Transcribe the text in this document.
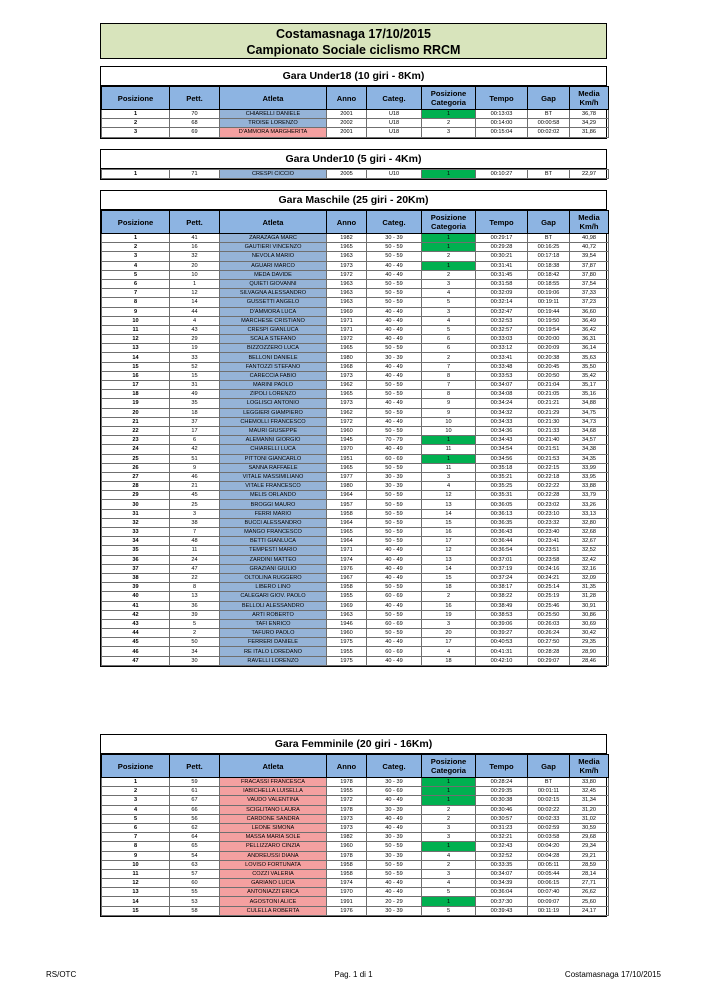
Costamasnaga 17/10/2015
Campionato Sociale ciclismo RRCM
Gara Under18 (10 giri - 8Km)
Posizione	Pett.	Atleta	Anno	Categ.	Posizione Categoria	Tempo	Gap	Media Km/h
1	70	CHIARELLI DANIELE	2001	U18	1	00:13:03	BT	36,78
2	68	TROISE LORENZO	2002	U18	2	00:14:00	00:00:58	34,29
3	69	D'AMMORA MARGHERITA	2001	U18	3	00:15:04	00:02:02	31,86
Gara Under10 (5 giri - 4Km)
1	71	CRESPI CICCIO	2005	U10	1	00:10:27	BT	22,97
Gara Maschile (25 giri - 20Km)
Posizione	Pett.	Atleta	Anno	Categ.	Posizione Categoria	Tempo	Gap	Media Km/h
1	41	ZARAZAGA MARC	1982	30 - 39	1	00:29:17	BT	40,98
2	16	GAUTIERI VINCENZO	1965	50 - 59	1	00:29:28	00:16:25	40,72
3	32	NEVOLA MARIO	1963	50 - 59	2	00:30:21	00:17:18	39,54
4	20	AGUARI MARCO	1973	40 - 49	1	00:31:41	00:18:38	37,87
5	10	MEDA DAVIDE	1972	40 - 49	2	00:31:45	00:18:42	37,80
6	1	QUIETI GIOVANNI	1963	50 - 59	3	00:31:58	00:18:55	37,54
7	12	SILVAGNA ALESSANDRO	1963	50 - 59	4	00:32:09	00:19:06	37,33
8	14	GUSSETTI ANGELO	1963	50 - 59	5	00:32:14	00:19:11	37,23
9	44	D'AMMORA LUCA	1969	40 - 49	3	00:32:47	00:19:44	36,60
10	4	MARCHESE CRISTIANO	1971	40 - 49	4	00:32:53	00:19:50	36,49
11	43	CRESPI GIANLUCA	1971	40 - 49	5	00:32:57	00:19:54	36,42
12	29	SCALA STEFANO	1972	40 - 49	6	00:33:03	00:20:00	36,31
13	19	BIZZOZZERO LUCA	1965	50 - 59	6	00:33:12	00:20:09	36,14
14	33	BELLONI DANIELE	1980	30 - 39	2	00:33:41	00:20:38	35,63
15	52	FANTOZZI STEFANO	1968	40 - 49	7	00:33:48	00:20:45	35,50
16	15	CARECCIA FABIO	1973	40 - 49	8	00:33:53	00:20:50	35,42
17	31	MARINI PAOLO	1962	50 - 59	7	00:34:07	00:21:04	35,17
18	49	ZIPOLI LORENZO	1965	50 - 59	8	00:34:08	00:21:05	35,16
19	35	LOGLISCI ANTONIO	1973	40 - 49	9	00:34:24	00:21:21	34,88
20	18	LEGGIERI GIAMPIERO	1962	50 - 59	9	00:34:32	00:21:29	34,75
21	37	CHEMOLLI FRANCESCO	1972	40 - 49	10	00:34:33	00:21:30	34,73
22	17	MAURI GIUSEPPE	1960	50 - 59	10	00:34:36	00:21:33	34,68
23	6	ALEMANNI GIORGIO	1945	70 - 79	1	00:34:43	00:21:40	34,57
24	42	CHIARELLI LUCA	1970	40 - 49	11	00:34:54	00:21:51	34,38
25	51	PITTONI GIANCARLO	1951	60 - 69	1	00:34:56	00:21:53	34,35
26	9	SANNA RAFFAELE	1965	50 - 59	11	00:35:18	00:22:15	33,99
27	46	VITALE MASSIMILIANO	1977	30 - 39	3	00:35:21	00:22:18	33,95
28	21	VITALE FRANCESCO	1980	30 - 39	4	00:35:25	00:22:22	33,88
29	45	MELIS ORLANDO	1964	50 - 59	12	00:35:31	00:22:28	33,79
30	25	BROGGI MAURO	1957	50 - 59	13	00:36:05	00:23:02	33,26
31	3	FERRI MARIO	1958	50 - 59	14	00:36:13	00:23:10	33,13
32	38	BUCCI ALESSANDRO	1964	50 - 59	15	00:36:35	00:23:32	32,80
33	7	MANGO FRANCESCO	1965	50 - 59	16	00:36:43	00:23:40	32,68
34	48	BETTI GIANLUCA	1964	50 - 59	17	00:36:44	00:23:41	32,67
35	11	TEMPESTI MARIO	1971	40 - 49	12	00:36:54	00:23:51	32,52
36	24	ZARDINI MATTEO	1974	40 - 49	13	00:37:01	00:23:58	32,42
37	47	GRAZIANI GIULIO	1976	40 - 49	14	00:37:19	00:24:16	32,16
38	22	OLTOLINA RUGGERO	1967	40 - 49	15	00:37:24	00:24:21	32,09
39	8	LIBERO LINO	1958	50 - 59	18	00:38:17	00:25:14	31,35
40	13	CALEGARI GIOV. PAOLO	1955	60 - 69	2	00:38:22	00:25:19	31,28
41	36	BELLOLI ALESSANDRO	1969	40 - 49	16	00:38:49	00:25:46	30,91
42	39	ARTI ROBERTO	1963	50 - 59	19	00:38:53	00:25:50	30,86
43	5	TAFI ENRICO	1946	60 - 69	3	00:39:06	00:26:03	30,69
44	2	TAFURO PAOLO	1960	50 - 59	20	00:39:27	00:26:24	30,42
45	50	FERRERI DANIELE	1975	40 - 49	17	00:40:53	00:27:50	29,35
46	34	RE ITALO LOREDANO	1955	60 - 69	4	00:41:31	00:28:28	28,90
47	30	RAVELLI LORENZO	1975	40 - 49	18	00:42:10	00:29:07	28,46
Gara Femminile (20 giri - 16Km)
Posizione	Pett.	Atleta	Anno	Categ.	Posizione Categoria	Tempo	Gap	Media Km/h
1	59	FRACASSI FRANCESCA	1978	30 - 39	1	00:28:24	BT	33,80
2	61	IABICHELLA LUISELLA	1955	60 - 69	1	00:29:35	00:01:11	32,45
3	67	VAUDO VALENTINA	1972	40 - 49	1	00:30:38	00:02:15	31,34
4	66	SCIGLITANO LAURA	1978	30 - 39	2	00:30:46	00:02:22	31,20
5	56	CARDONE SANDRA	1973	40 - 49	2	00:30:57	00:02:33	31,02
6	62	LEONE SIMONA	1973	40 - 49	3	00:31:23	00:02:59	30,59
7	64	MASSA MARIA SOLE	1982	30 - 39	3	00:32:21	00:03:58	29,68
8	65	PELLIZZARO CINZIA	1960	50 - 59	1	00:32:43	00:04:20	29,34
9	54	ANDREUSSI DIANA	1978	30 - 39	4	00:32:52	00:04:28	29,21
10	63	LOVISO FORTUNATA	1958	50 - 59	2	00:33:35	00:05:11	28,59
11	57	COZZI VALERIA	1958	50 - 59	3	00:34:07	00:05:44	28,14
12	60	GARIANO LUCIA	1974	40 - 49	4	00:34:39	00:06:15	27,71
13	55	ANTONIAZZI ERICA	1970	40 - 49	5	00:36:04	00:07:40	26,62
14	53	AGOSTONI ALICE	1991	20 - 29	1	00:37:30	00:09:07	25,60
15	58	CULELLA ROBERTA	1976	30 - 39	5	00:39:43	00:11:19	24,17
RS/OTC	Pag. 1 di 1	Costamasnaga 17/10/2015
